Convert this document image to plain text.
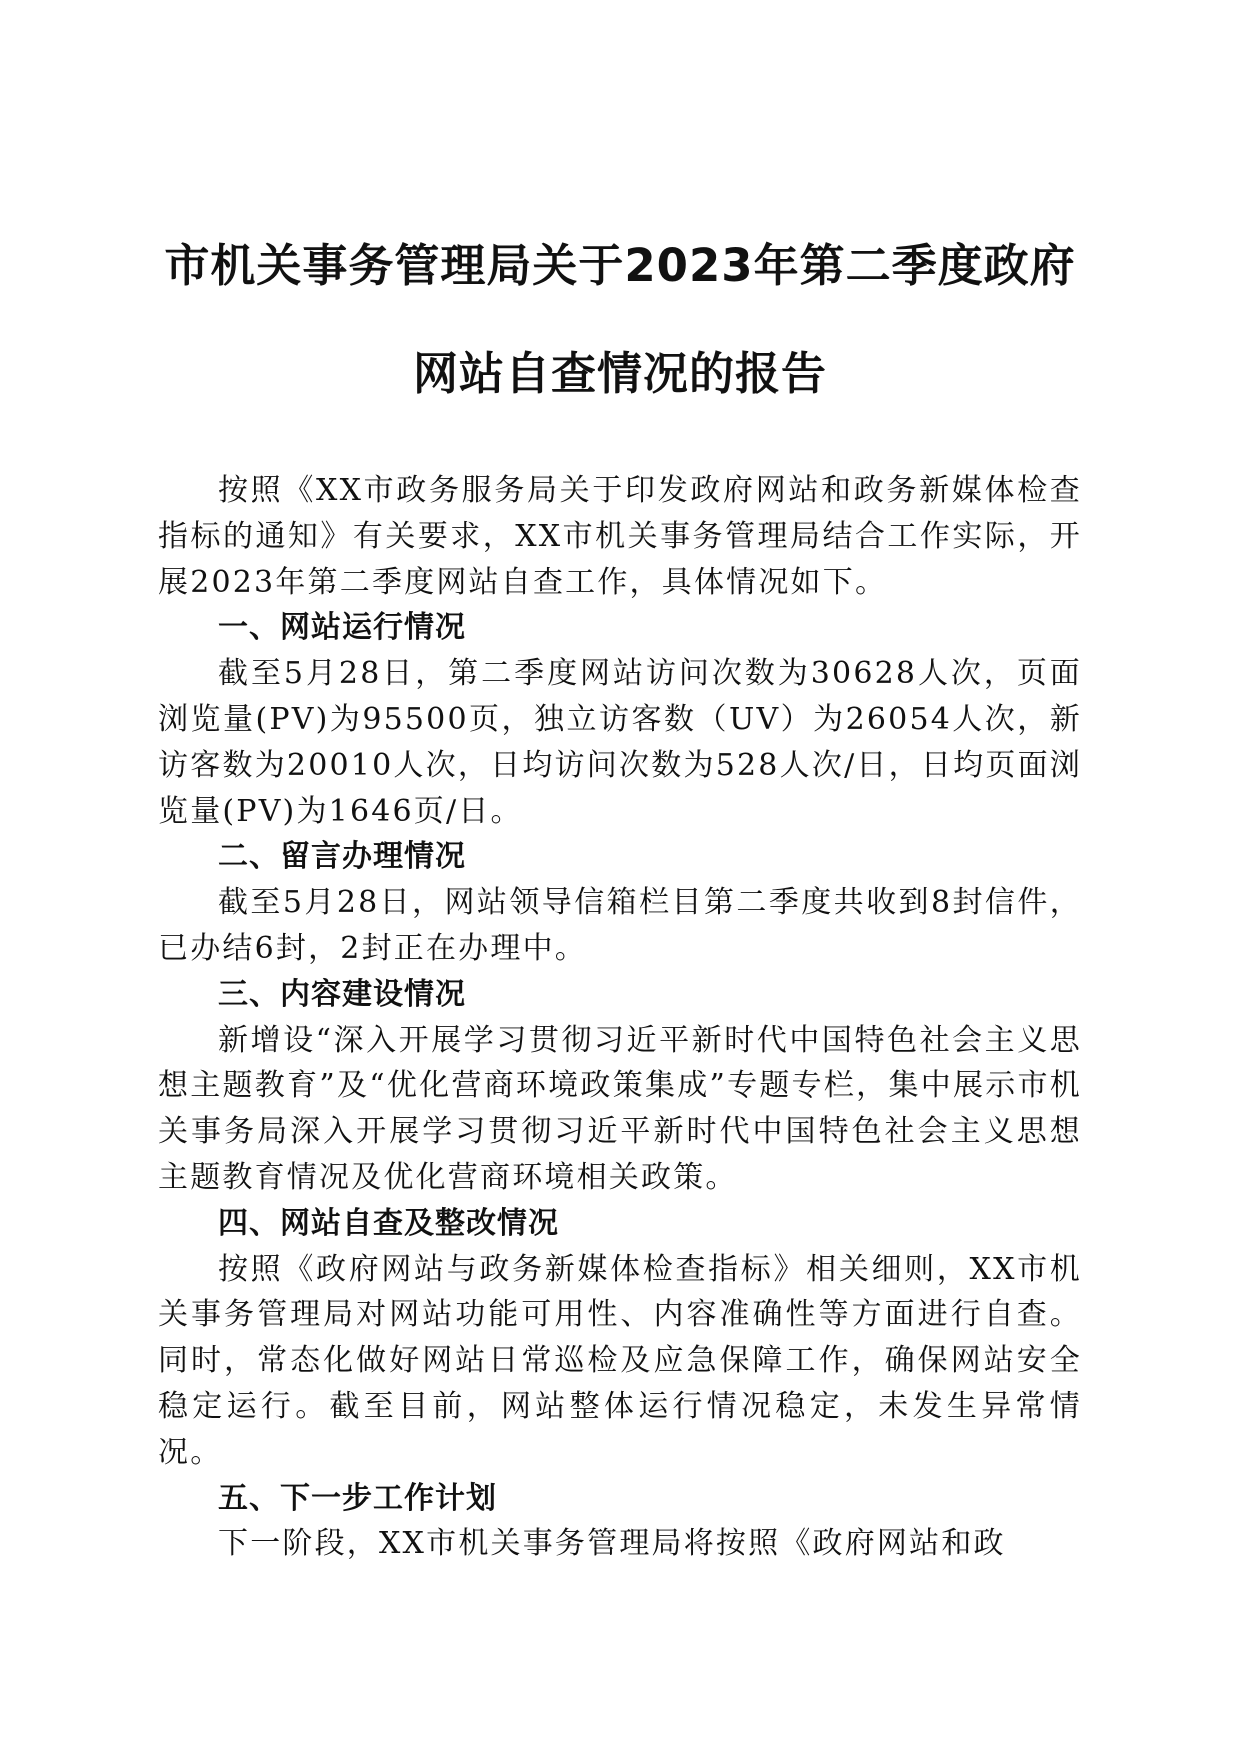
市机关事务管理局关于2023年第二季度政府
网站自查情况的报告

按照《XX市政务服务局关于印发政府网站和政务新媒体检查指标的通知》有关要求，XX市机关事务管理局结合工作实际，开展2023年第二季度网站自查工作，具体情况如下。

一、网站运行情况

截至5月28日，第二季度网站访问次数为30628人次，页面浏览量(PV)为95500页，独立访客数（UV）为26054人次，新访客数为20010人次，日均访问次数为528人次/日，日均页面浏览量(PV)为1646页/日。

二、留言办理情况

截至5月28日，网站领导信箱栏目第二季度共收到8封信件，已办结6封，2封正在办理中。

三、内容建设情况

新增设“深入开展学习贯彻习近平新时代中国特色社会主义思想主题教育”及“优化营商环境政策集成”专题专栏，集中展示市机关事务局深入开展学习贯彻习近平新时代中国特色社会主义思想主题教育情况及优化营商环境相关政策。

四、网站自查及整改情况

按照《政府网站与政务新媒体检查指标》相关细则，XX市机关事务管理局对网站功能可用性、内容准确性等方面进行自查。同时，常态化做好网站日常巡检及应急保障工作，确保网站安全稳定运行。截至目前，网站整体运行情况稳定，未发生异常情况。

五、下一步工作计划

下一阶段，XX市机关事务管理局将按照《政府网站和政
